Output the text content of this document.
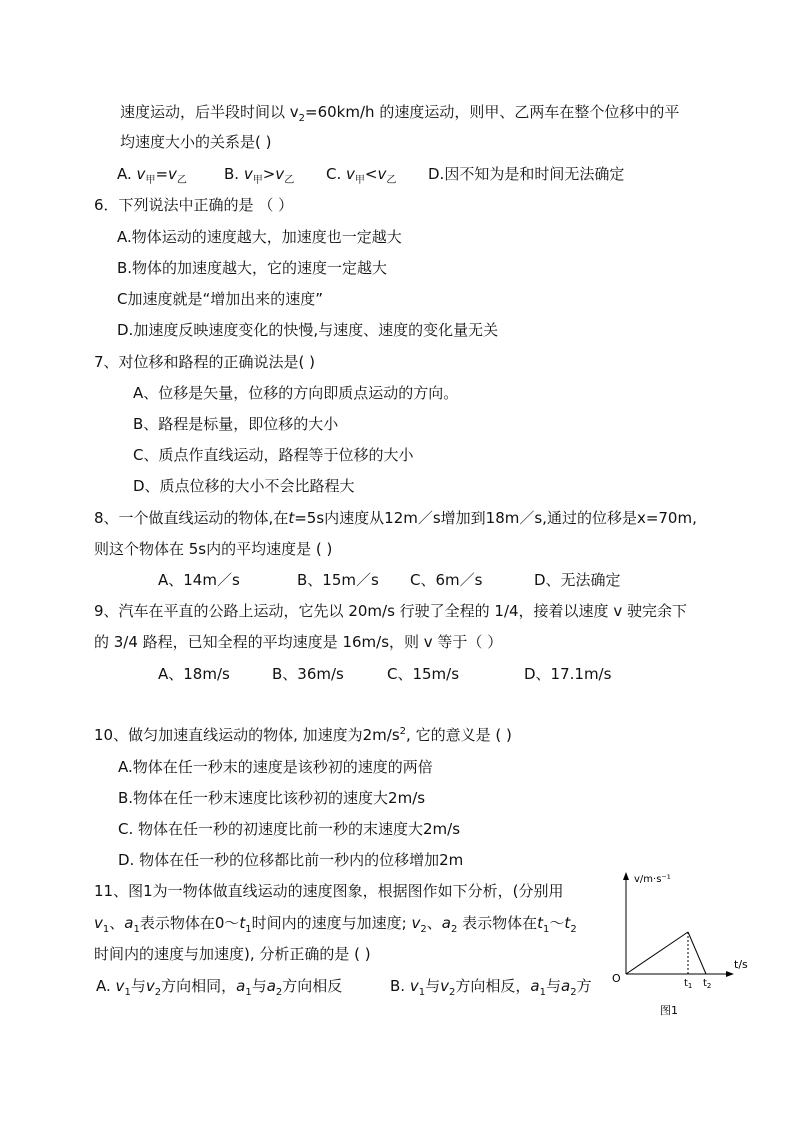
速度运动，后半段时间以 $v_2=60km/h$ 的速度运动，则甲、乙两车在整个位移中的平
均速度大小的关系是( )
A. $v_甲=v_乙$ B. $v_甲>v_乙$ C. $v_甲<v_乙$ D.因不知为是和时间无法确定
6．下列说法中正确的是 （ ）
A.物体运动的速度越大，加速度也一定越大
B.物体的加速度越大，它的速度一定越大
C加速度就是“增加出来的速度”
D.加速度反映速度变化的快慢,与速度、速度的变化量无关
7、对位移和路程的正确说法是( )
A、位移是矢量，位移的方向即质点运动的方向。
B、路程是标量，即位移的大小
C、质点作直线运动，路程等于位移的大小
D、质点位移的大小不会比路程大
8、一个做直线运动的物体,在t=5s内速度从12m／s增加到18m／s,通过的位移是x=70m,
则这个物体在 5s内的平均速度是 ( )
A、14m／s	B、15m／s C、6m／s	D、无法确定
9、汽车在平直的公路上运动，它先以 20m/s 行驶了全程的 1/4，接着以速度 v 驶完余下
的 3/4 路程，已知全程的平均速度是 16m/s，则 v 等于（ ）
A、18m/s	B、36m/s	C、15m/s	D、17.1m/s
10、做匀加速直线运动的物体, 加速度为$2m/s^2$, 它的意义是 ( )
A.物体在任一秒末的速度是该秒初的速度的两倍
B.物体在任一秒末速度比该秒初的速度大2m/s
C. 物体在任一秒的初速度比前一秒的末速度大2m/s
D. 物体在任一秒的位移都比前一秒内的位移增加2m
11、图1为一物体做直线运动的速度图象，根据图作如下分析，(分别用
$v_1$、$a_1$表示物体在$0\sim t_1$时间内的速度与加速度; $v_2$、$a_2$ 表示物体在$t_1\sim t_2$
时间内的速度与加速度), 分析正确的是 ( )
A. $v_1$与$v_2$方向相同，$a_1$与$a_2$方向相反	B. $v_1$与$v_2$方向相反，$a_1$与$a_2$方
v/m·s⁻¹
t/s
O	$t_1$ $t_2$
图1
